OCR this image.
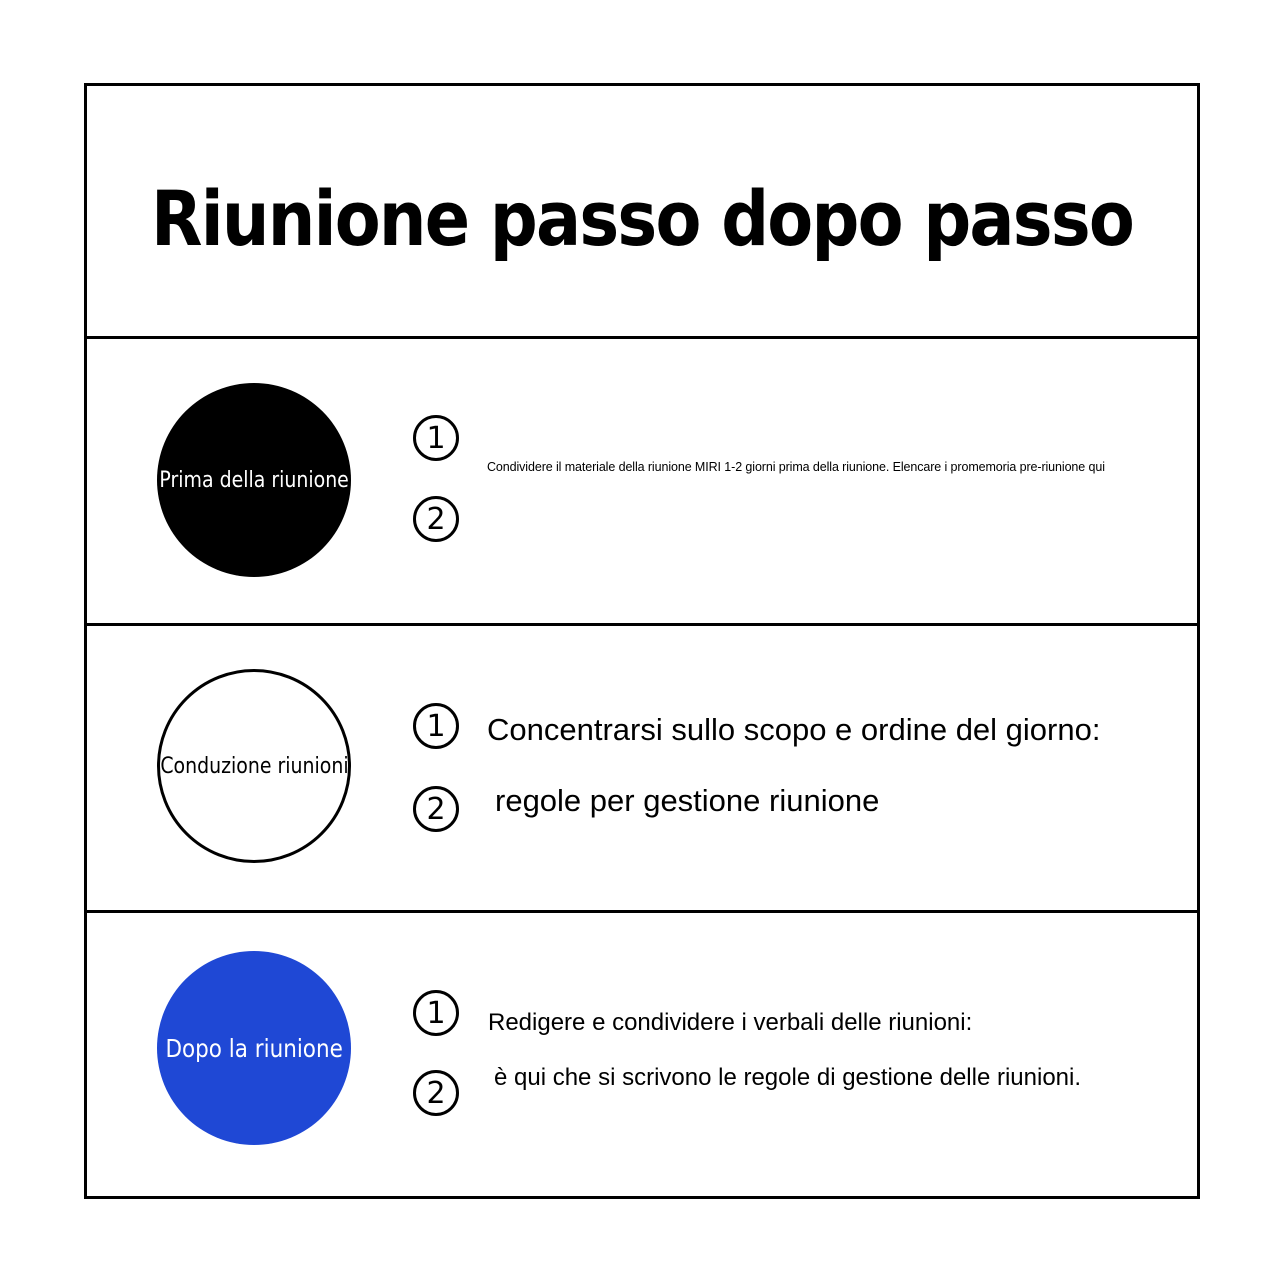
Riunione passo dopo passo
Prima della riunione
1
Condividere il materiale della riunione MIRI 1-2 giorni prima della riunione. Elencare i promemoria pre-riunione qui
2
Conduzione riunioni
1 Concentrarsi sullo scopo e ordine del giorno:
2 regole per gestione riunione
Dopo la riunione
1 Redigere e condividere i verbali delle riunioni:
2 è qui che si scrivono le regole di gestione delle riunioni.
